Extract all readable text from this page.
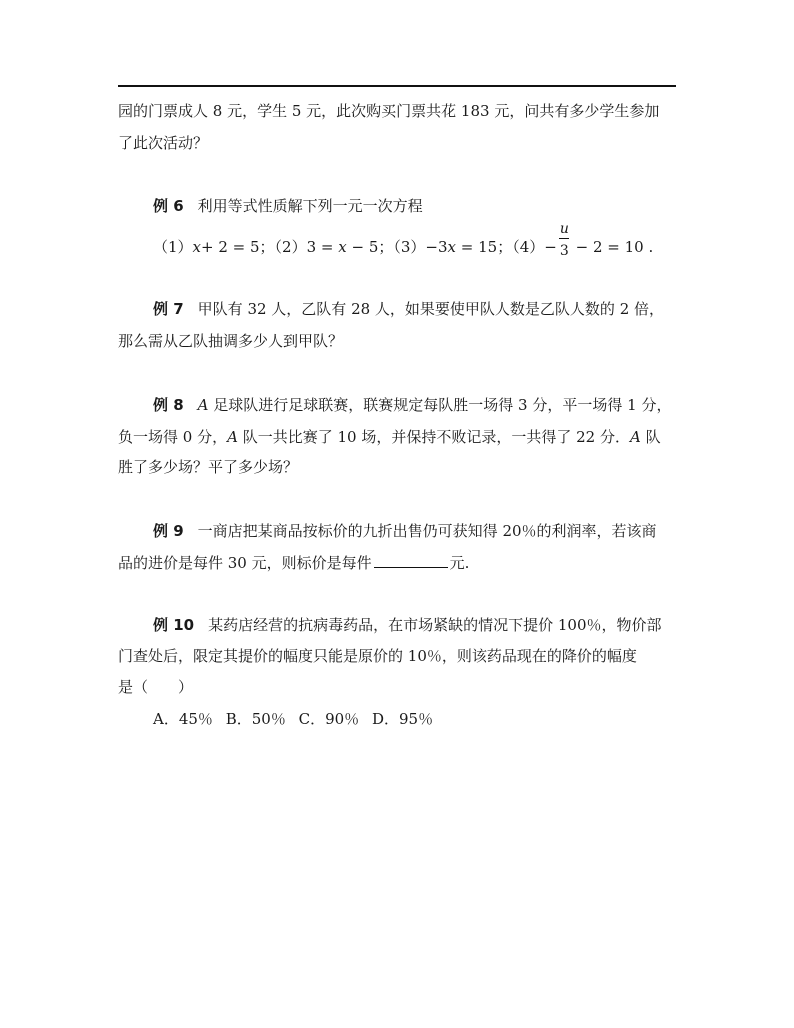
园的门票成人 8 元，学生 5 元，此次购买门票共花 183 元，问共有多少学生参加
了此次活动？
例 6 利用等式性质解下列一元一次方程
（1）x+ 2 = 5；（2）3 = x − 5；（3）−3x = 15；$(4)- \frac{u}{3} - 2 = 10$ .
例 7 甲队有 32 人，乙队有 28 人，如果要使甲队人数是乙队人数的 2 倍，
那么需从乙队抽调多少人到甲队？
例 8 A 足球队进行足球联赛，联赛规定每队胜一场得 3 分，平一场得 1 分，
负一场得 0 分，A 队一共比赛了 10 场，并保持不败记录，一共得了 22 分．A 队
胜了多少场？平了多少场？
例 9 一商店把某商品按标价的九折出售仍可获知得 20％的利润率，若该商
品的进价是每件 30 元，则标价是每件	元.
例 10 某药店经营的抗病毒药品，在市场紧缺的情况下提价 100％，物价部
门查处后，限定其提价的幅度只能是原价的 10％，则该药品现在的降价的幅度
是（　　）
A．45％ B．50％ C．90％ D．95％
